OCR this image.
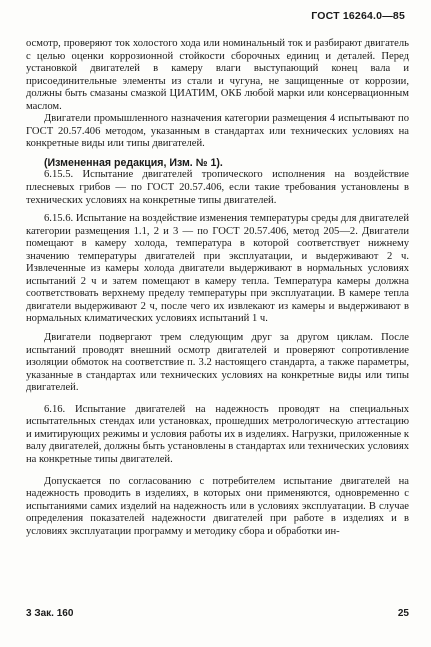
ГОСТ 16264.0—85

осмотр, проверяют ток холостого хода или номинальный ток и разбирают двигатель с целью оценки коррозионной стойкости сборочных единиц и деталей. Перед установкой двигателей в камеру влаги выступающий конец вала и присоединительные элементы из стали и чугуна, не защищенные от коррозии, должны быть смазаны смазкой ЦИАТИМ, ОКБ любой марки или консервационным маслом.

Двигатели промышленного назначения категории размещения 4 испытывают по ГОСТ 20.57.406 методом, указанным в стандартах или технических условиях на конкретные виды или типы двигателей.

(Измененная редакция, Изм. № 1).

6.15.5. Испытание двигателей тропического исполнения на воздействие плесневых грибов — по ГОСТ 20.57.406, если такие требования установлены в технических условиях на конкретные типы двигателей.

6.15.6. Испытание на воздействие изменения температуры среды для двигателей категории размещения 1.1, 2 и 3 — по ГОСТ 20.57.406, метод 205—2. Двигатели помещают в камеру холода, температура в которой соответствует нижнему значению температуры двигателей при эксплуатации, и выдерживают 2 ч. Извлеченные из камеры холода двигатели выдерживают в нормальных условиях испытаний 2 ч и затем помещают в камеру тепла. Температура камеры должна соответствовать верхнему пределу температуры при эксплуатации. В камере тепла двигатели выдерживают 2 ч, после чего их извлекают из камеры и выдерживают в нормальных климатических условиях испытаний 1 ч.

Двигатели подвергают трем следующим друг за другом циклам. После испытаний проводят внешний осмотр двигателей и проверяют сопротивление изоляции обмоток на соответствие п. 3.2 настоящего стандарта, а также параметры, указанные в стандартах или технических условиях на конкретные виды или типы двигателей.

6.16. Испытание двигателей на надежность проводят на специальных испытательных стендах или установках, прошедших метрологическую аттестацию и имитирующих режимы и условия работы их в изделиях. Нагрузки, приложенные к валу двигателей, должны быть установлены в стандартах или технических условиях на конкретные типы двигателей.

Допускается по согласованию с потребителем испытание двигателей на надежность проводить в изделиях, в которых они применяются, одновременно с испытаниями самих изделий на надежность или в условиях эксплуатации. В случае определения показателей надежности двигателей при работе в изделиях и в условиях эксплуатации программу и методику сбора и обработки ин-

3 Зак. 160	25
